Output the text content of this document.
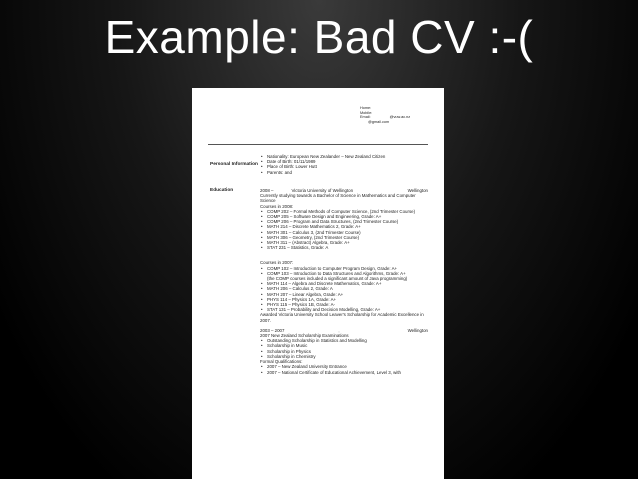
Example: Bad CV :-(
Home:
Mobile:
Email:	@vuw.ac.nz
@gmail.com
Personal Information
• Nationality: European New Zealander – New Zealand Citizen
• Date of Birth: 01/11/1989
• Place of Birth: Lower Hutt
• Parents: and
Education	2008 –	Victoria University of Wellington	Wellington
Currently studying towards a Bachelor of Science in Mathematics and Computer Science
Courses in 2008:
• COMP 202 – Formal Methods of Computer Science, (2nd Trimester Course)
• COMP 205 – Software Design and Engineering, Grade: A+
• COMP 206 – Program and Data Structures, (2nd Trimester Course)
• MATH 214 – Discrete Mathematics 2, Grade: A+
• MATH 301 – Calculus 3, (2nd Trimester Course)
• MATH 306 – Geometry, (2nd Trimester Course)
• MATH 311 – (Abstract) Algebra, Grade: A+
• STAT 231 – Statistics, Grade: A
Courses in 2007:
• COMP 102 – Introduction to Computer Program Design, Grade: A+
• COMP 103 – Introduction to Data Structures and Algorithms, Grade: A+
(the COMP courses included a significant amount of Java programming)
• MATH 114 – Algebra and Discrete Mathematics, Grade: A+
• MATH 206 – Calculus 2, Grade: A
• MATH 207 – Linear Algebra, Grade: A+
• PHYS 114 – Physics 1A, Grade: A+
• PHYS 115 – Physics 1B, Grade: A-
• STAT 131 – Probability and Decision Modelling, Grade: A+
Awarded Victoria University School Leaver's Scholarship for Academic Excellence in 2007.
2003 – 2007	,	Wellington
2007 New Zealand Scholarship Examinations
• Outstanding Scholarship in Statistics and Modelling
• Scholarship in Music
• Scholarship in Physics
• Scholarship in Chemistry
Formal Qualifications:
• 2007 – New Zealand University Entrance
• 2007 – National Certificate of Educational Achievement, Level 3, with
